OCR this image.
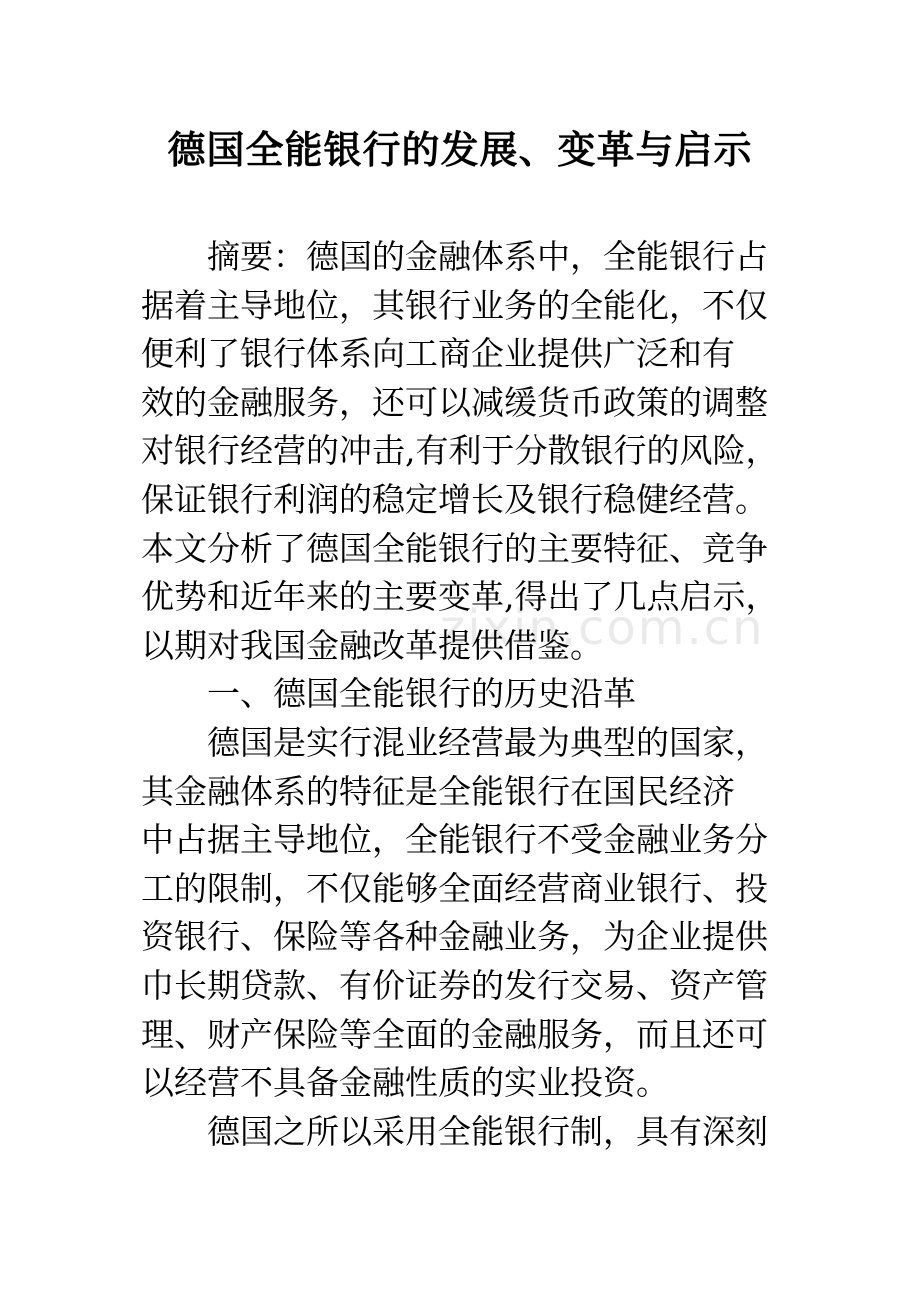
德国全能银行的发展、变革与启示
摘要：德国的金融体系中，全能银行占
据着主导地位，其银行业务的全能化，不仅
便利了银行体系向工商企业提供广泛和有
效的金融服务，还可以减缓货币政策的调整
对银行经营的冲击,有利于分散银行的风险，
保证银行利润的稳定增长及银行稳健经营。
本文分析了德国全能银行的主要特征、竞争
优势和近年来的主要变革,得出了几点启示，
以期对我国金融改革提供借鉴。
一、德国全能银行的历史沿革
德国是实行混业经营最为典型的国家，
其金融体系的特征是全能银行在国民经济
中占据主导地位，全能银行不受金融业务分
工的限制，不仅能够全面经营商业银行、投
资银行、保险等各种金融业务，为企业提供
巾长期贷款、有价证券的发行交易、资产管
理、财产保险等全面的金融服务，而且还可
以经营不具备金融性质的实业投资。
德国之所以采用全能银行制，具有深刻
zixin.com.cn
